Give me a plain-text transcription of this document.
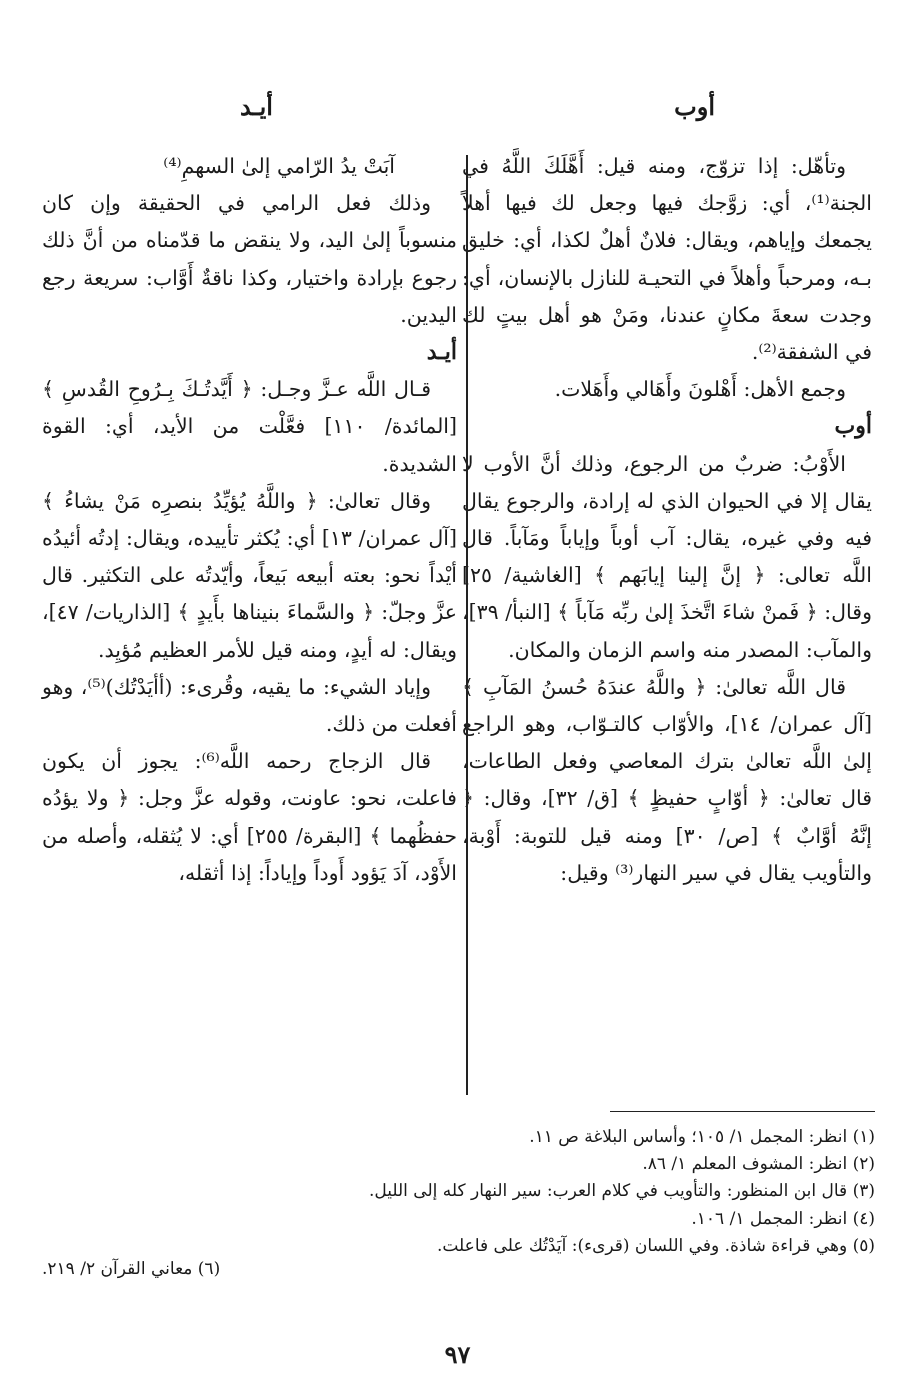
أوب
أيـد

وتأهّل: إذا تزوّج، ومنه قيل: أَهَّلَكَ اللَّهُ في الجنة⁽¹⁾، أي: زوَّجك فيها وجعل لك فيها أهلاً يجمعك وإياهم، ويقال: فلانٌ أهلٌ لكذا، أي: خليق بـه، ومرحباً وأهلاً في التحيـة للنازل بالإنسان، أي: وجدت سعةَ مكانٍ عندنا، ومَنْ هو أهل بيتٍ لك في الشفقة⁽²⁾.

وجمع الأهل: أَهْلونَ وأَهَالي وأَهَلات.

أوب

الأَوْبُ: ضربٌ من الرجوع، وذلك أنَّ الأوب لا يقال إلا في الحيوان الذي له إرادة، والرجوع يقال فيه وفي غيره، يقال: آب أوباً وإياباً ومَآباً. قال اللَّه تعالى: ﴿ إنَّ إلينا إيابَهم ﴾ [الغاشية/ ٢٥] وقال: ﴿ فَمنْ شاءَ اتَّخذَ إلىٰ ربِّه مَآباً ﴾ [النبأ/ ٣٩]، والمآب: المصدر منه واسم الزمان والمكان.

قال اللَّه تعالىٰ: ﴿ واللَّهُ عندَهُ حُسنُ المَآبِ ﴾ [آل عمران/ ١٤]، والأوّاب كالتـوّاب، وهو الراجع إلىٰ اللَّه تعالىٰ بترك المعاصي وفعل الطاعات، قال تعالىٰ: ﴿ أوّابٍ حفيظٍ ﴾ [ق/ ٣٢]، وقال: ﴿ إنَّهُ أوَّابٌ ﴾ [ص/ ٣٠] ومنه قيل للتوبة: أَوْبة، والتأويب يقال في سير النهار⁽³⁾ وقيل:

آبَتْ يدُ الرّامي إلىٰ السهمِ⁽⁴⁾

وذلك فعل الرامي في الحقيقة وإن كان منسوباً إلىٰ اليد، ولا ينقض ما قدّمناه من أنَّ ذلك رجوع بإرادة واختيار، وكذا ناقةٌ أَوَّاب: سريعة رجع اليدين.

أيـد

قـال اللَّه عـزَّ وجـل: ﴿ أَيَّدتُـكَ بِـرُوحِ القُدسِ ﴾ [المائدة/ ١١٠] فعَّلْت من الأيد، أي: القوة الشديدة.

وقال تعالىٰ: ﴿ واللَّهُ يُؤيِّدُ بنصرِه مَنْ يشاءُ ﴾ [آل عمران/ ١٣] أي: يُكثر تأييده، ويقال: إدتُه أئيدُه أيْداً نحو: بعته أبيعه بَيعاً، وأيّدتُه على التكثير. قال عزَّ وجلّ: ﴿ والسَّماءَ بنيناها بأَيدٍ ﴾ [الذاريات/ ٤٧]، ويقال: له أيدٍ، ومنه قيل للأمر العظيم مُؤيِد.

وإياد الشيء: ما يقيه، وقُرىء: (أأيَدْتُك)⁽⁵⁾، وهو أفعلت من ذلك.

قال الزجاج رحمه اللَّه⁽⁶⁾: يجوز أن يكون فاعلت، نحو: عاونت، وقوله عزَّ وجل: ﴿ ولا يؤدُه حفظُهما ﴾ [البقرة/ ٢٥٥] أي: لا يُثقله، وأصله من الأَوْد، آدَ يَؤود أَوداً وإياداً: إذا أثقله،

(١) انظر: المجمل ١/ ١٠٥؛ وأساس البلاغة ص ١١.
(٢) انظر: المشوف المعلم ١/ ٨٦.
(٣) قال ابن المنظور: والتأويب في كلام العرب: سير النهار كله إلى الليل.
(٤) انظر: المجمل ١/ ١٠٦.
(٥) وهي قراءة شاذة. وفي اللسان (قرىء): آيَدْتُك على فاعلت.
(٦) معاني القرآن ٢/ ٢١٩.
٩٧
